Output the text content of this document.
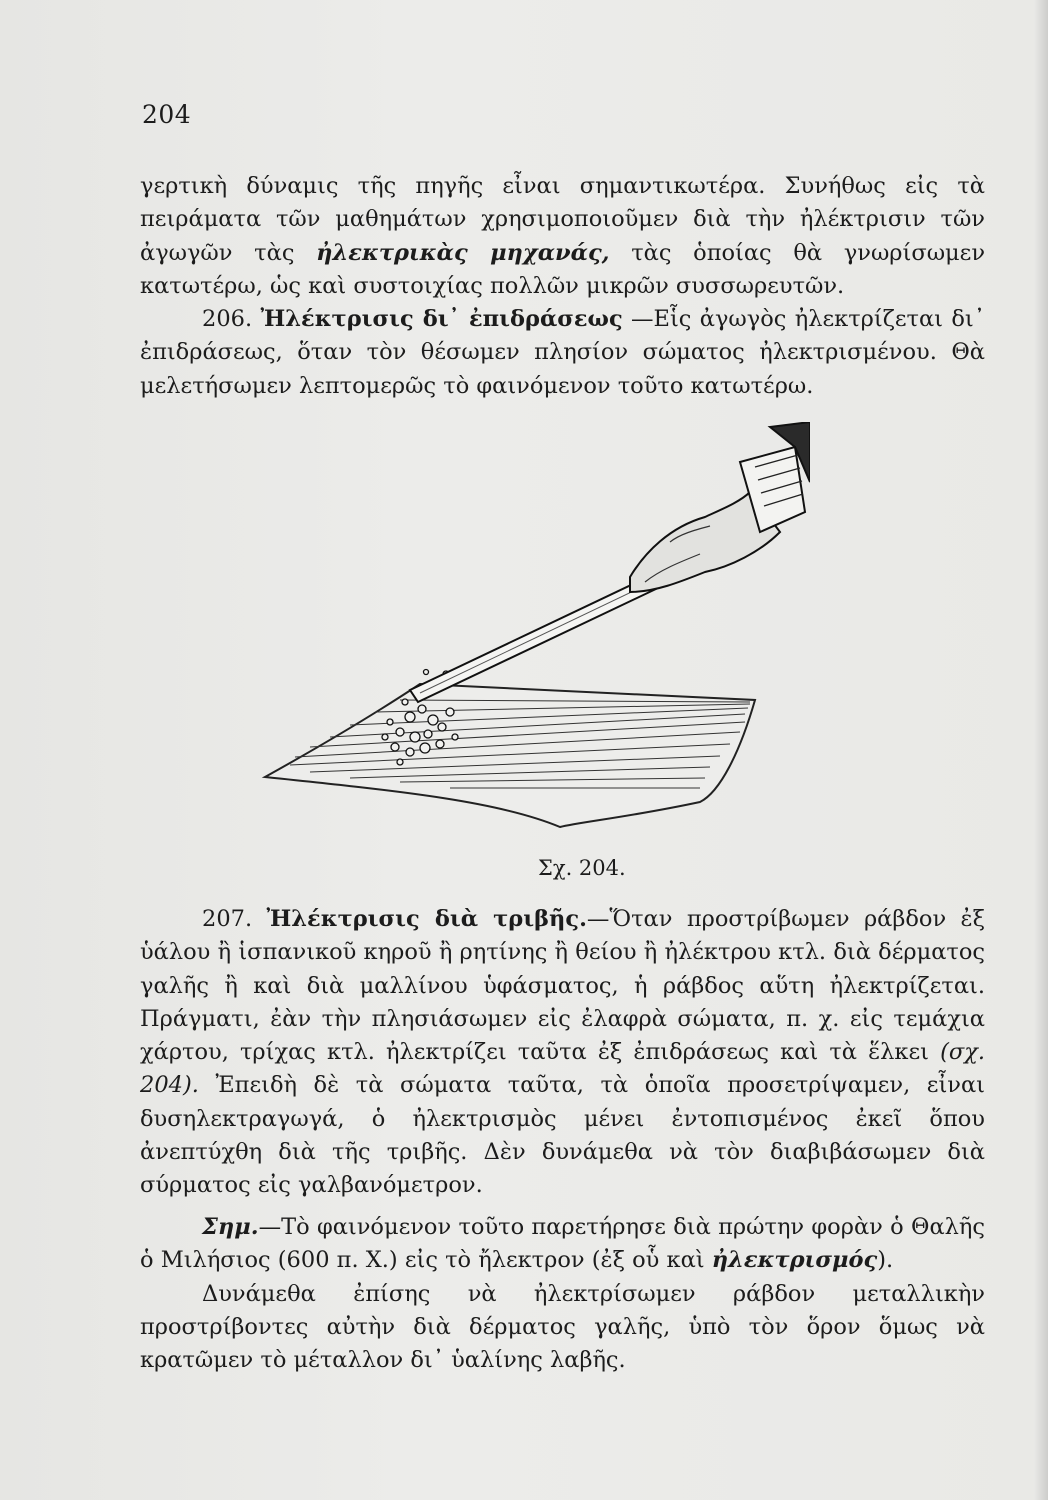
204

γερτικὴ δύναμις τῆς πηγῆς εἶναι σημαντικωτέρα. Συνήθως εἰς τὰ πειράματα τῶν μαθημάτων χρησιμοποιοῦμεν διὰ τὴν ἠλέκτρισιν τῶν ἀγωγῶν τὰς ἠλεκτρικὰς μηχανάς, τὰς ὁποίας θὰ γνωρίσωμεν κατωτέρω, ὡς καὶ συστοιχίας πολλῶν μικρῶν συσσωρευτῶν.

206. Ἠλέκτρισις δι᾿ ἐπιδράσεως —Εἷς ἀγωγὸς ἠλεκτρίζεται δι᾿ ἐπιδράσεως, ὅταν τὸν θέσωμεν πλησίον σώματος ἠλεκτρισμένου. Θὰ μελετήσωμεν λεπτομερῶς τὸ φαινόμενον τοῦτο κατωτέρω.

Σχ. 204.

207. Ἠλέκτρισις διὰ τριβῆς.—Ὅταν προστρίβωμεν ράβδον ἐξ ὑάλου ἢ ἱσπανικοῦ κηροῦ ἢ ρητίνης ἢ θείου ἢ ἠλέκτρου κτλ. διὰ δέρματος γαλῆς ἢ καὶ διὰ μαλλίνου ὑφάσματος, ἡ ράβδος αὕτη ἠλεκτρίζεται. Πράγματι, ἐὰν τὴν πλησιάσωμεν εἰς ἐλαφρὰ σώματα, π. χ. εἰς τεμάχια χάρτου, τρίχας κτλ. ἠλεκτρίζει ταῦτα ἐξ ἐπιδράσεως καὶ τὰ ἕλκει (σχ. 204). Ἐπειδὴ δὲ τὰ σώματα ταῦτα, τὰ ὁποῖα προσετρίψαμεν, εἶναι δυσηλεκτραγωγά, ὁ ἠλεκτρισμὸς μένει ἐντοπισμένος ἐκεῖ ὅπου ἀνεπτύχθη διὰ τῆς τριβῆς. Δὲν δυνάμεθα νὰ τὸν διαβιβάσωμεν διὰ σύρματος εἰς γαλβανόμετρον.

Σημ.—Τὸ φαινόμενον τοῦτο παρετήρησε διὰ πρώτην φορὰν ὁ Θαλῆς ὁ Μιλήσιος (600 π. Χ.) εἰς τὸ ἤλεκτρον (ἐξ οὗ καὶ ἠλεκτρισμός).

Δυνάμεθα ἐπίσης νὰ ἠλεκτρίσωμεν ράβδον μεταλλικὴν προστρίβοντες αὐτὴν διὰ δέρματος γαλῆς, ὑπὸ τὸν ὅρον ὅμως νὰ κρατῶμεν τὸ μέταλλον δι᾿ ὑαλίνης λαβῆς.
